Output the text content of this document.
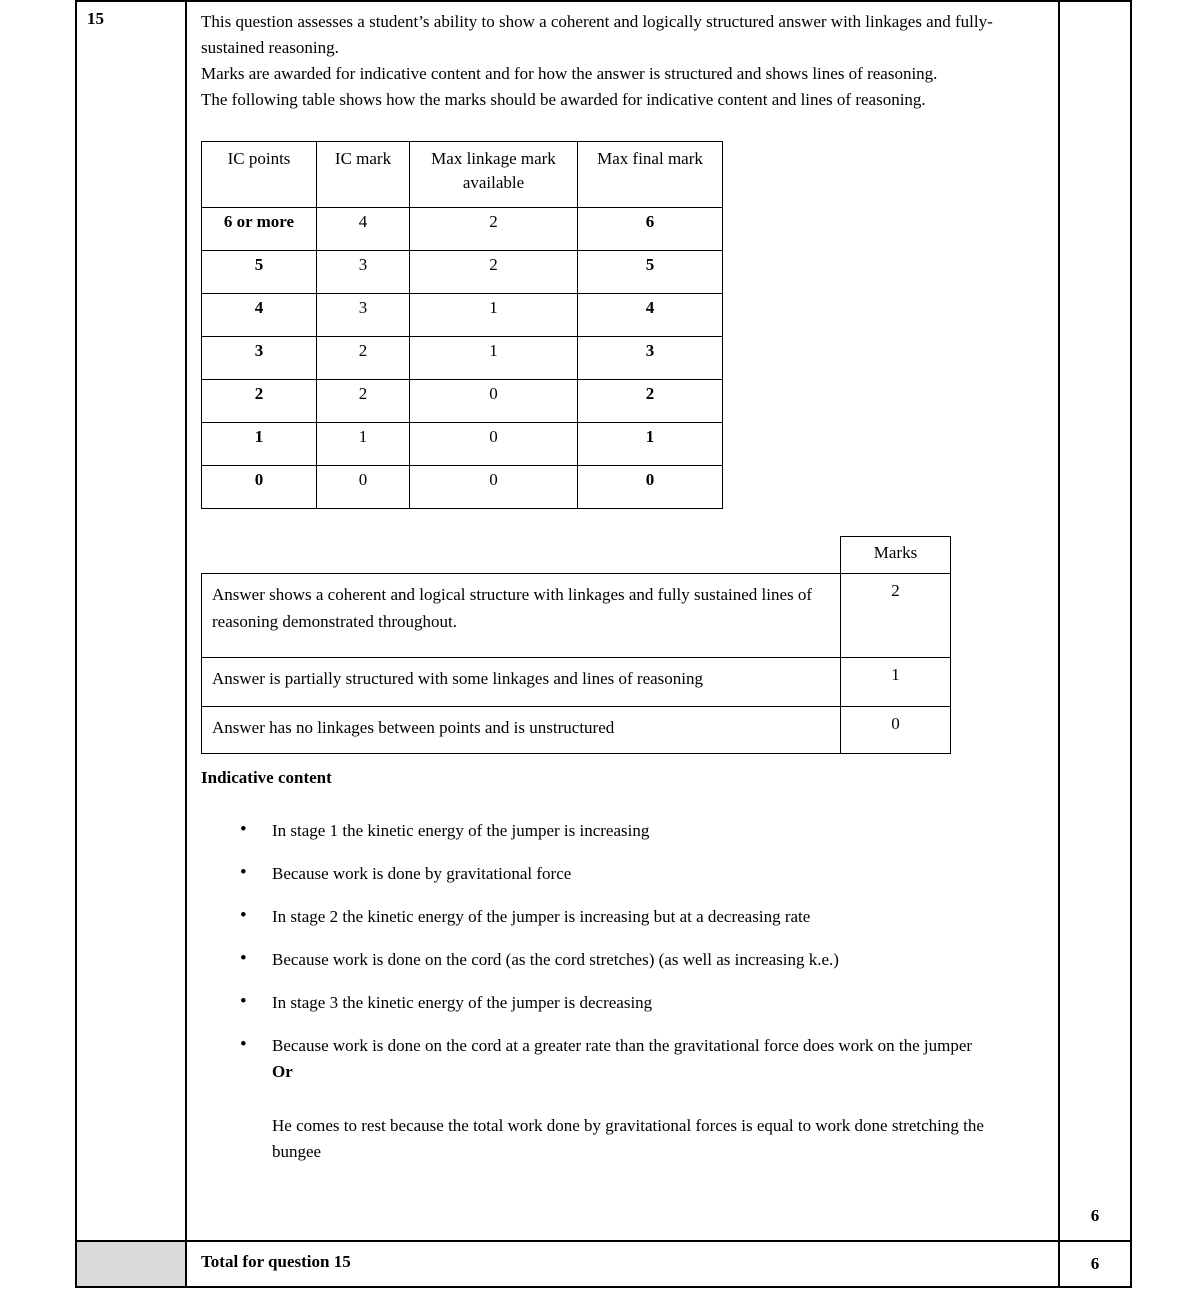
15	This question assesses a student’s ability to show a coherent and logically structured answer with linkages and fully-sustained reasoning.

Marks are awarded for indicative content and for how the answer is structured and shows lines of reasoning.

The following table shows how the marks should be awarded for indicative content and lines of reasoning.

IC points	IC mark	Max linkage mark available	Max final mark
6 or more	4	2	6
5	3	2	5
4	3	1	4
3	2	1	3
2	2	0	2
1	1	0	1
0	0	0	0
	Marks
Answer shows a coherent and logical structure with linkages and fully sustained lines of reasoning demonstrated throughout.	2
Answer is partially structured with some linkages and lines of reasoning	1
Answer has no linkages between points and is unstructured	0
Indicative content
• In stage 1 the kinetic energy of the jumper is increasing
• Because work is done by gravitational force
• In stage 2 the kinetic energy of the jumper is increasing but at a decreasing rate
• Because work is done on the cord (as the cord stretches) (as well as increasing k.e.)
• In stage 3 the kinetic energy of the jumper is decreasing
• Because work is done on the cord at a greater rate than the gravitational force does work on the jumper
Or
He comes to rest because the total work done by gravitational forces is equal to work done stretching the bungee
6
Total for question 15	6
